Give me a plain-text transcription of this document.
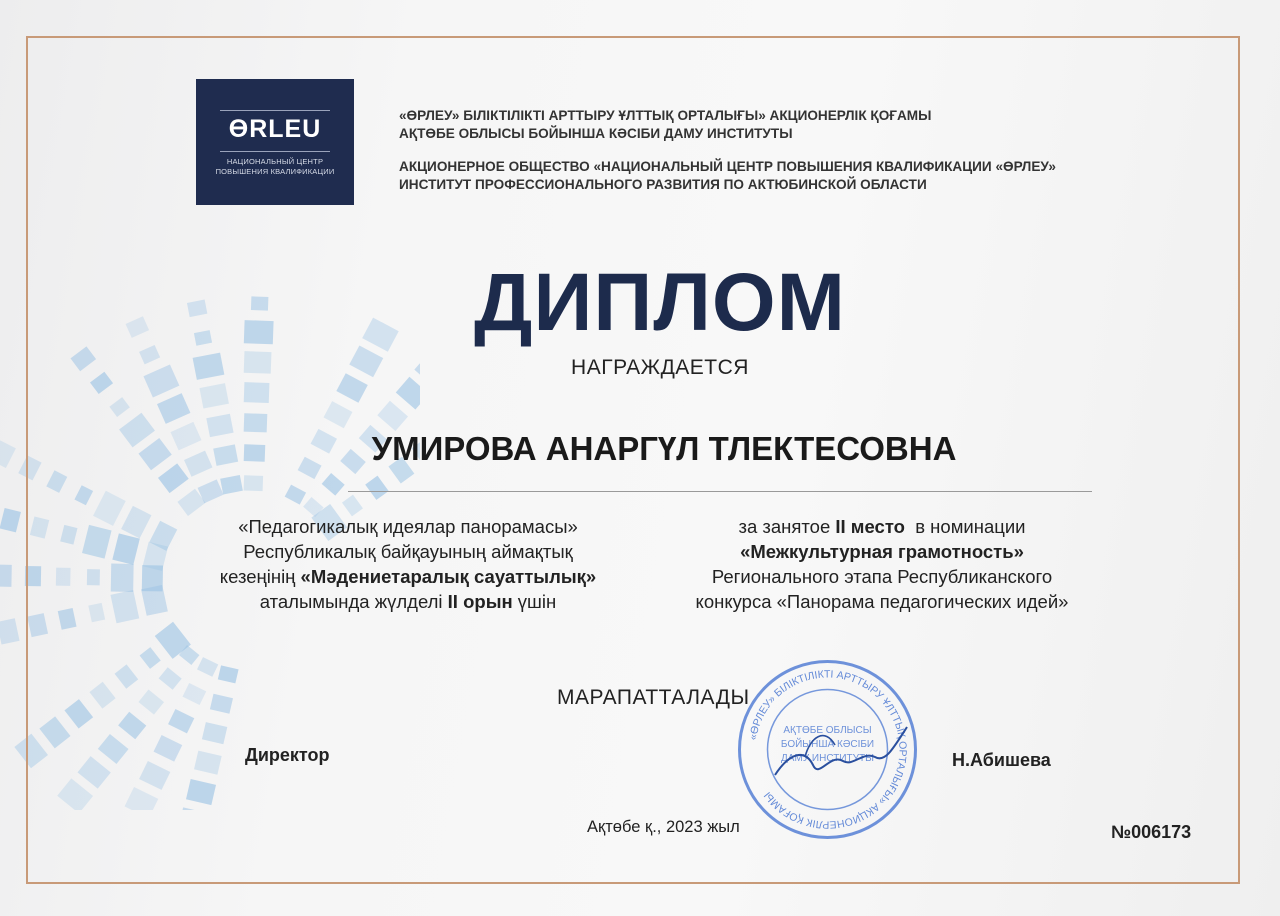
ӨRLEU
НАЦИОНАЛЬНЫЙ ЦЕНТР
ПОВЫШЕНИЯ КВАЛИФИКАЦИИ
«ӨРЛЕУ» БІЛІКТІЛІКТІ АРТТЫРУ ҰЛТТЫҚ ОРТАЛЫҒЫ» АКЦИОНЕРЛІК ҚОҒАМЫ
АҚТӨБЕ ОБЛЫСЫ БОЙЫНША КӘСІБИ ДАМУ ИНСТИТУТЫ
АКЦИОНЕРНОЕ ОБЩЕСТВО «НАЦИОНАЛЬНЫЙ ЦЕНТР ПОВЫШЕНИЯ КВАЛИФИКАЦИИ «ӨРЛЕУ»
ИНСТИТУТ ПРОФЕССИОНАЛЬНОГО РАЗВИТИЯ ПО АКТЮБИНСКОЙ ОБЛАСТИ
ДИПЛОМ
НАГРАЖДАЕТСЯ
УМИРОВА АНАРГҮЛ ТЛЕКТЕСОВНА
«Педагогикалық идеялар панорамасы»
Республикалық байқауының аймақтық
кезеңінің «Мәдениетаралық сауаттылық»
аталымында жүлделі II орын үшін
за занятое II место  в номинации
«Межкультурная грамотность»
Регионального этапа Республиканского
конкурса «Панорама педагогических идей»
МАРАПАТТАЛАДЫ
Директор	Н.Абишева
Ақтөбе қ., 2023 жыл	№006173
«ӨРЛЕУ» БІЛІКТІЛІКТІ АРТТЫРУ ҰЛТТЫҚ ОРТАЛЫҒЫ» АКЦИОНЕРЛІК ҚОҒАМЫ
АҚТӨБЕ ОБЛЫСЫ
БОЙЫНША КӘСІБИ
ДАМУ ИНСТИТУТЫ
